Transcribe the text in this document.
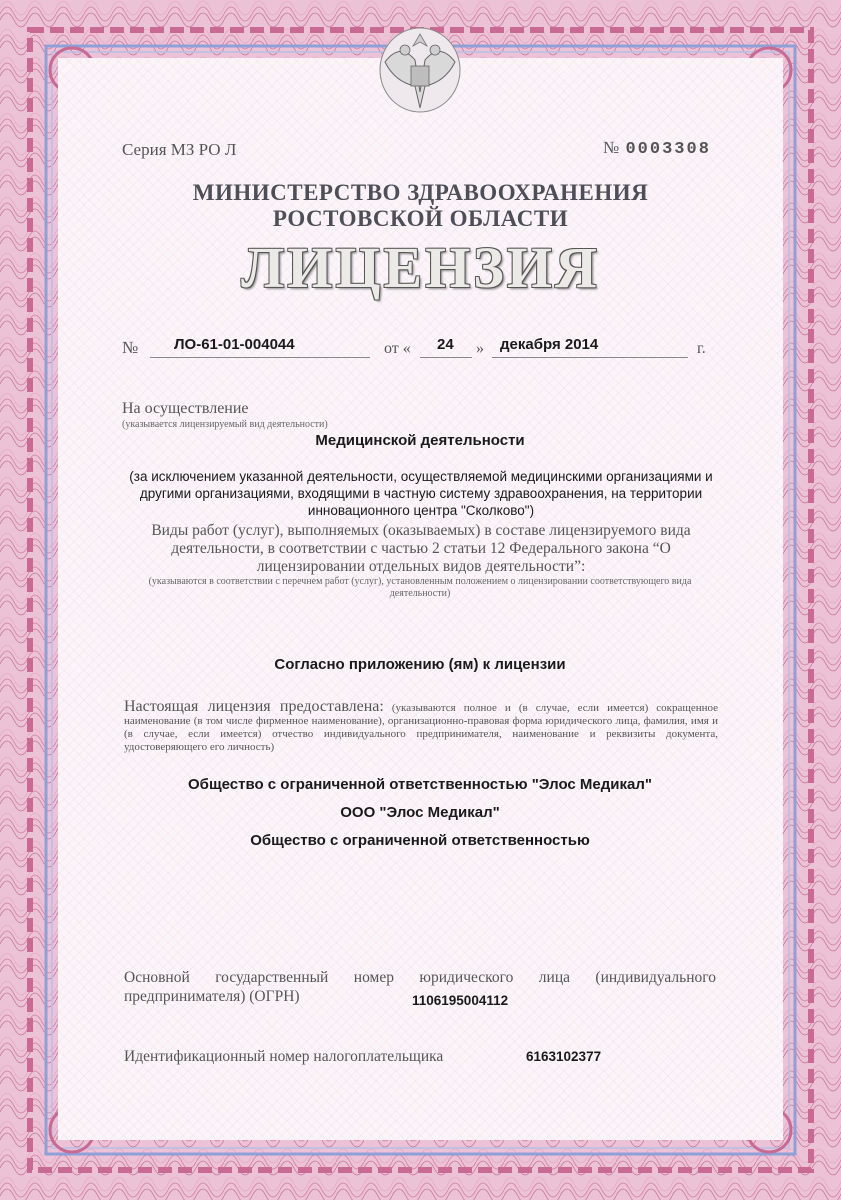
Серия МЗ РО Л	№ 0003308
МИНИСТЕРСТВО ЗДРАВООХРАНЕНИЯ
РОСТОВСКОЙ ОБЛАСТИ
ЛИЦЕНЗИЯ
№ ЛО-61-01-004044	от « 24 » декабря 2014	г.
На осуществление
(указывается лицензируемый вид деятельности)
Медицинской деятельности
(за исключением указанной деятельности, осуществляемой медицинскими организациями и другими организациями, входящими в частную систему здравоохранения, на территории инновационного центра "Сколково")
Виды работ (услуг), выполняемых (оказываемых) в составе лицензируемого вида деятельности, в соответствии с частью 2 статьи 12 Федерального закона “О лицензировании отдельных видов деятельности”:
(указываются в соответствии с перечнем работ (услуг), установленным положением о лицензировании соответствующего вида деятельности)
Согласно приложению (ям) к лицензии
Настоящая лицензия предоставлена: (указываются полное и (в случае, если имеется) сокращенное наименование (в том числе фирменное наименование), организационно-правовая форма юридического лица, фамилия, имя и (в случае, если имеется) отчество индивидуального предпринимателя, наименование и реквизиты документа, удостоверяющего его личность)
Общество с ограниченной ответственностью "Элос Медикал"
ООО "Элос Медикал"
Общество с ограниченной ответственностью
Основной государственный номер юридического лица (индивидуального предпринимателя) (ОГРН)	1106195004112
Идентификационный номер налогоплательщика	6163102377
